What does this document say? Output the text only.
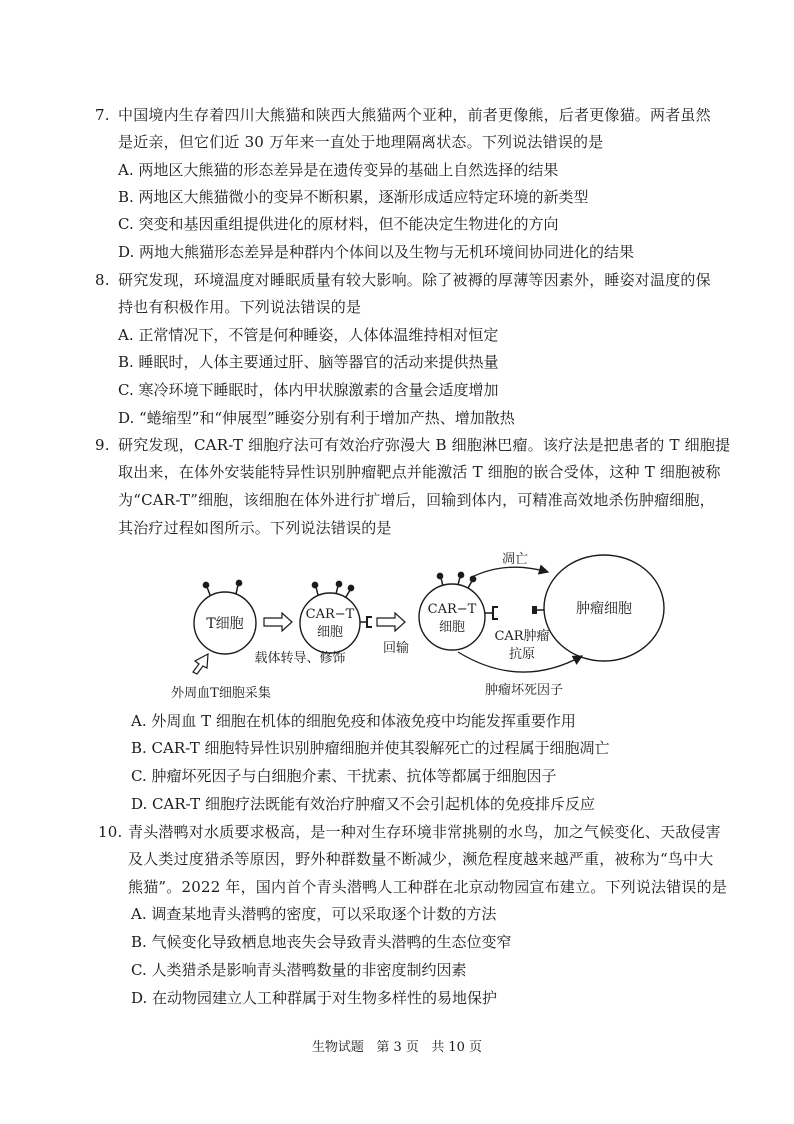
7. 中国境内生存着四川大熊猫和陕西大熊猫两个亚种，前者更像熊，后者更像猫。两者虽然
是近亲，但它们近 30 万年来一直处于地理隔离状态。下列说法错误的是
A. 两地区大熊猫的形态差异是在遗传变异的基础上自然选择的结果
B. 两地区大熊猫微小的变异不断积累，逐渐形成适应特定环境的新类型
C. 突变和基因重组提供进化的原材料，但不能决定生物进化的方向
D. 两地大熊猫形态差异是种群内个体间以及生物与无机环境间协同进化的结果
8. 研究发现，环境温度对睡眠质量有较大影响。除了被褥的厚薄等因素外，睡姿对温度的保
持也有积极作用。下列说法错误的是
A. 正常情况下，不管是何种睡姿，人体体温维持相对恒定
B. 睡眠时，人体主要通过肝、脑等器官的活动来提供热量
C. 寒冷环境下睡眠时，体内甲状腺激素的含量会适度增加
D. “蜷缩型”和“伸展型”睡姿分别有利于增加产热、增加散热
9. 研究发现，CAR-T 细胞疗法可有效治疗弥漫大 B 细胞淋巴瘤。该疗法是把患者的 T 细胞提
取出来，在体外安装能特异性识别肿瘤靶点并能激活 T 细胞的嵌合受体，这种 T 细胞被称
为“CAR-T”细胞，该细胞在体外进行扩增后，回输到体内，可精准高效地杀伤肿瘤细胞，
其治疗过程如图所示。下列说法错误的是
T细胞
CAR−T
细胞
回输
载体转导、修饰
CAR−T
细胞
肿瘤细胞
凋亡
CAR肿瘤
抗原
肿瘤坏死因子
外周血T细胞采集
A. 外周血 T 细胞在机体的细胞免疫和体液免疫中均能发挥重要作用
B. CAR-T 细胞特异性识别肿瘤细胞并使其裂解死亡的过程属于细胞凋亡
C. 肿瘤坏死因子与白细胞介素、干扰素、抗体等都属于细胞因子
D. CAR-T 细胞疗法既能有效治疗肿瘤又不会引起机体的免疫排斥反应
10. 青头潜鸭对水质要求极高，是一种对生存环境非常挑剔的水鸟，加之气候变化、天敌侵害
及人类过度猎杀等原因，野外种群数量不断减少，濒危程度越来越严重，被称为“鸟中大
熊猫”。2022 年，国内首个青头潜鸭人工种群在北京动物园宣布建立。下列说法错误的是
A. 调查某地青头潜鸭的密度，可以采取逐个计数的方法
B. 气候变化导致栖息地丧失会导致青头潜鸭的生态位变窄
C. 人类猎杀是影响青头潜鸭数量的非密度制约因素
D. 在动物园建立人工种群属于对生物多样性的易地保护
生物试题   第 3 页   共 10 页
